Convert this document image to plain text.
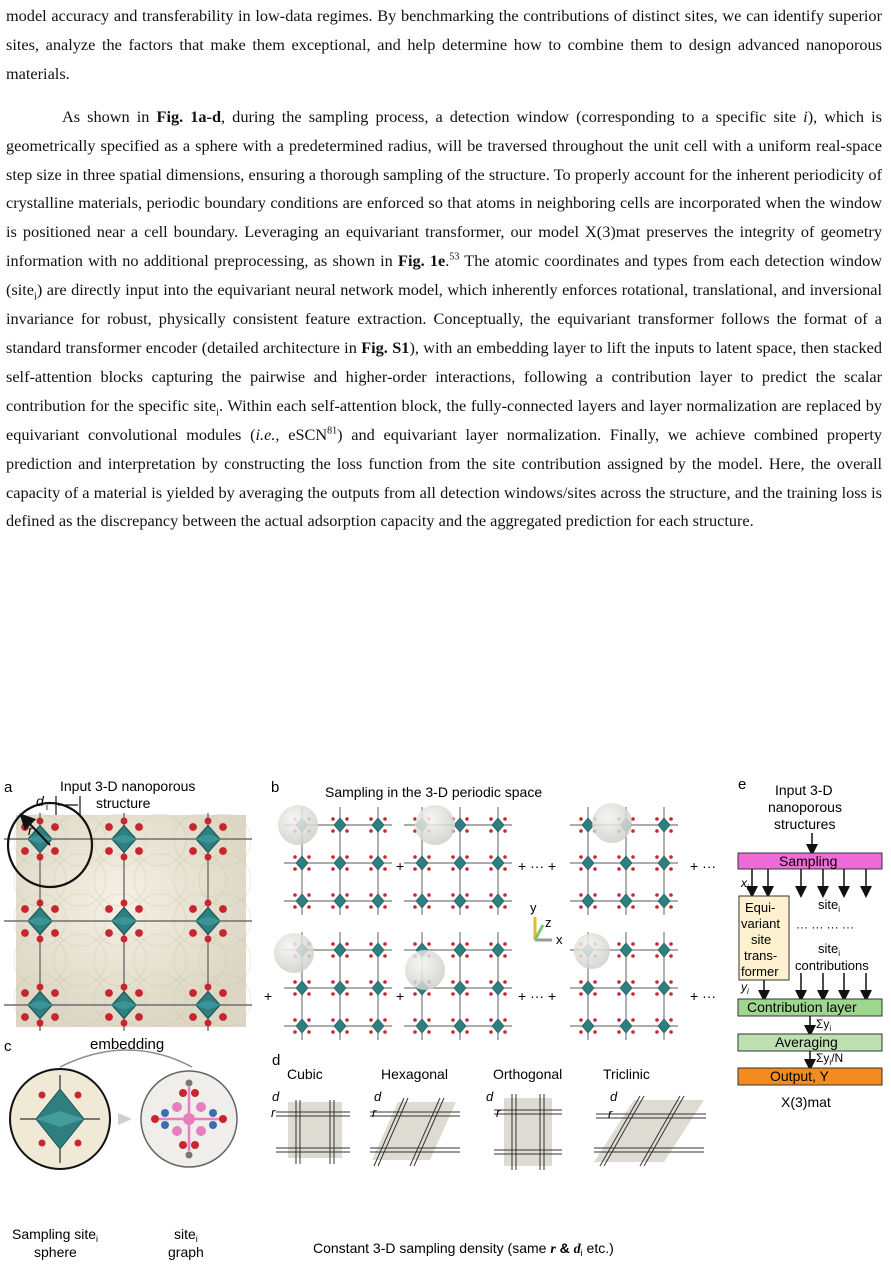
model accuracy and transferability in low-data regimes. By benchmarking the contributions of distinct sites, we can identify superior sites, analyze the factors that make them exceptional, and help determine how to combine them to design advanced nanoporous materials.

As shown in Fig. 1a-d, during the sampling process, a detection window (corresponding to a specific site i), which is geometrically specified as a sphere with a predetermined radius, will be traversed throughout the unit cell with a uniform real-space step size in three spatial dimensions, ensuring a thorough sampling of the structure. To properly account for the inherent periodicity of crystalline materials, periodic boundary conditions are enforced so that atoms in neighboring cells are incorporated when the window is positioned near a cell boundary. Leveraging an equivariant transformer, our model X(3)mat preserves the integrity of geometry information with no additional preprocessing, as shown in Fig. 1e.$^{53}$ The atomic coordinates and types from each detection window (site$_i$) are directly input into the equivariant neural network model, which inherently enforces rotational, translational, and inversional invariance for robust, physically consistent feature extraction. Conceptually, the equivariant transformer follows the format of a standard transformer encoder (detailed architecture in Fig. S1), with an embedding layer to lift the inputs to latent space, then stacked self-attention blocks capturing the pairwise and higher-order interactions, following a contribution layer to predict the scalar contribution for the specific site$_i$. Within each self-attention block, the fully-connected layers and layer normalization are replaced by equivariant convolutional modules (i.e., eSCN$^{81}$) and equivariant layer normalization. Finally, we achieve combined property prediction and interpretation by constructing the loss function from the site contribution assigned by the model. Here, the overall capacity of a material is yielded by averaging the outputs from all detection windows/sites across the structure, and the training loss is defined as the discrepancy between the actual adsorption capacity and the aggregated prediction for each structure.

a	Input 3-D nanoporous
structure
r
d i
b	Sampling in the 3-D periodic space
+	+ ··· +	+ ···
+	+	+ ··· +	+ ···
y
z
x
c	embedding
Sampling site$_i$
sphere
site$_i$
graph
d
Cubic	Hexagonal	Orthogonal	Triclinic
d
r
d
r
d
r
d
r
Constant 3-D sampling density (same r & $d_i$ etc.)
e Input 3-D
nanoporous
structures
Sampling
$x_i$
site$_i$
Equi-
variant
site
trans-
former
··· ··· ··· ···
site$_i$
contributions
$y_i$
Contribution layer
$\Sigma y_i$
Averaging
$\Sigma y_i/N$
Output, Y
X(3)mat
